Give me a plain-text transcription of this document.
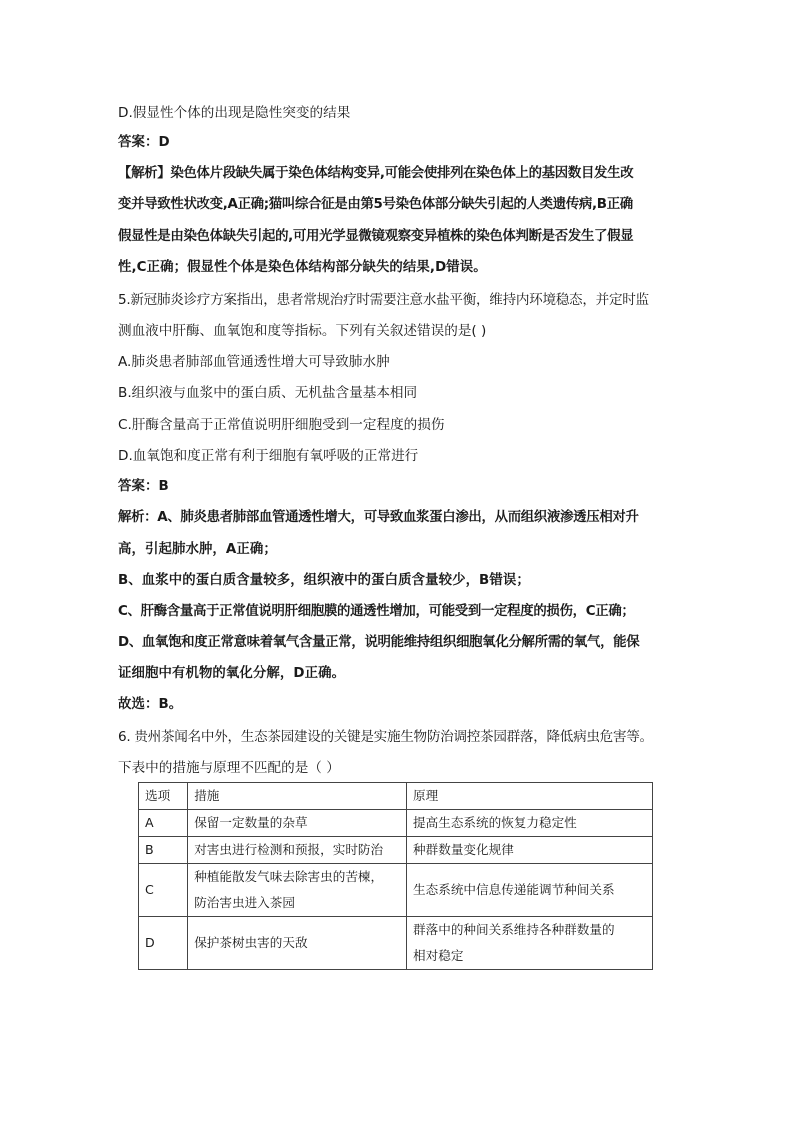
D.假显性个体的出现是隐性突变的结果
答案：D
【解析】染色体片段缺失属于染色体结构变异,可能会使排列在染色体上的基因数目发生改
变并导致性状改变,A正确;猫叫综合征是由第5号染色体部分缺失引起的人类遗传病,B正确
假显性是由染色体缺失引起的,可用光学显微镜观察变异植株的染色体判断是否发生了假显
性,C正确；假显性个体是染色体结构部分缺失的结果,D错误。
5.新冠肺炎诊疗方案指出，患者常规治疗时需要注意水盐平衡，维持内环境稳态，并定时监
测血液中肝酶、血氧饱和度等指标。下列有关叙述错误的是( )
A.肺炎患者肺部血管通透性增大可导致肺水肿
B.组织液与血浆中的蛋白质、无机盐含量基本相同
C.肝酶含量高于正常值说明肝细胞受到一定程度的损伤
D.血氧饱和度正常有利于细胞有氧呼吸的正常进行
答案：B
解析：A、肺炎患者肺部血管通透性增大，可导致血浆蛋白渗出，从而组织液渗透压相对升
高，引起肺水肿，A正确；
B、血浆中的蛋白质含量较多，组织液中的蛋白质含量较少，B错误；
C、肝酶含量高于正常值说明肝细胞膜的通透性增加，可能受到一定程度的损伤，C正确；
D、血氧饱和度正常意味着氧气含量正常，说明能维持组织细胞氧化分解所需的氧气，能保
证细胞中有机物的氧化分解，D正确。
故选：B。
6. 贵州茶闻名中外，生态茶园建设的关键是实施生物防治调控茶园群落，降低病虫危害等。
下表中的措施与原理不匹配的是（ ）
选项	措施	原理
A	保留一定数量的杂草	提高生态系统的恢复力稳定性
B	对害虫进行检测和预报，实时防治	种群数量变化规律
C	种植能散发气味去除害虫的苦楝，
防治害虫进入茶园	生态系统中信息传递能调节种间关系
D	保护茶树虫害的天敌	群落中的种间关系维持各种群数量的
相对稳定
